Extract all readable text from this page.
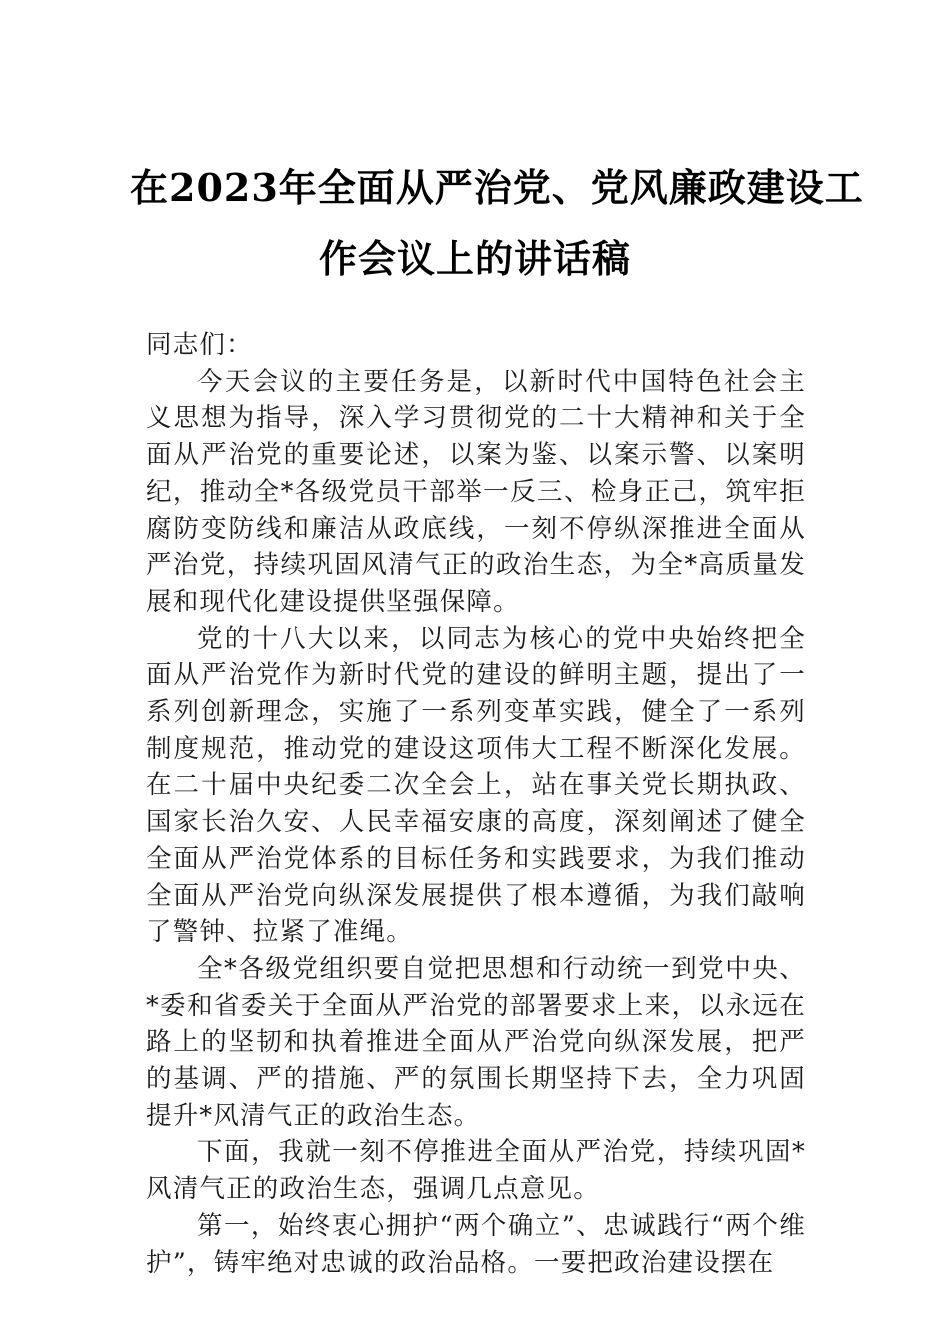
在2023年全面从严治党、党风廉政建设工
作会议上的讲话稿

同志们：

今天会议的主要任务是，以新时代中国特色社会主义思想为指导，深入学习贯彻党的二十大精神和关于全面从严治党的重要论述，以案为鉴、以案示警、以案明纪，推动全*各级党员干部举一反三、检身正己，筑牢拒腐防变防线和廉洁从政底线，一刻不停纵深推进全面从严治党，持续巩固风清气正的政治生态，为全*高质量发展和现代化建设提供坚强保障。

党的十八大以来，以同志为核心的党中央始终把全面从严治党作为新时代党的建设的鲜明主题，提出了一系列创新理念，实施了一系列变革实践，健全了一系列制度规范，推动党的建设这项伟大工程不断深化发展。在二十届中央纪委二次全会上，站在事关党长期执政、国家长治久安、人民幸福安康的高度，深刻阐述了健全全面从严治党体系的目标任务和实践要求，为我们推动全面从严治党向纵深发展提供了根本遵循，为我们敲响了警钟、拉紧了准绳。

全*各级党组织要自觉把思想和行动统一到党中央、*委和省委关于全面从严治党的部署要求上来，以永远在路上的坚韧和执着推进全面从严治党向纵深发展，把严的基调、严的措施、严的氛围长期坚持下去，全力巩固提升*风清气正的政治生态。

下面，我就一刻不停推进全面从严治党，持续巩固*风清气正的政治生态，强调几点意见。

第一，始终衷心拥护“两个确立”、忠诚践行“两个维护”，铸牢绝对忠诚的政治品格。一要把政治建设摆在
